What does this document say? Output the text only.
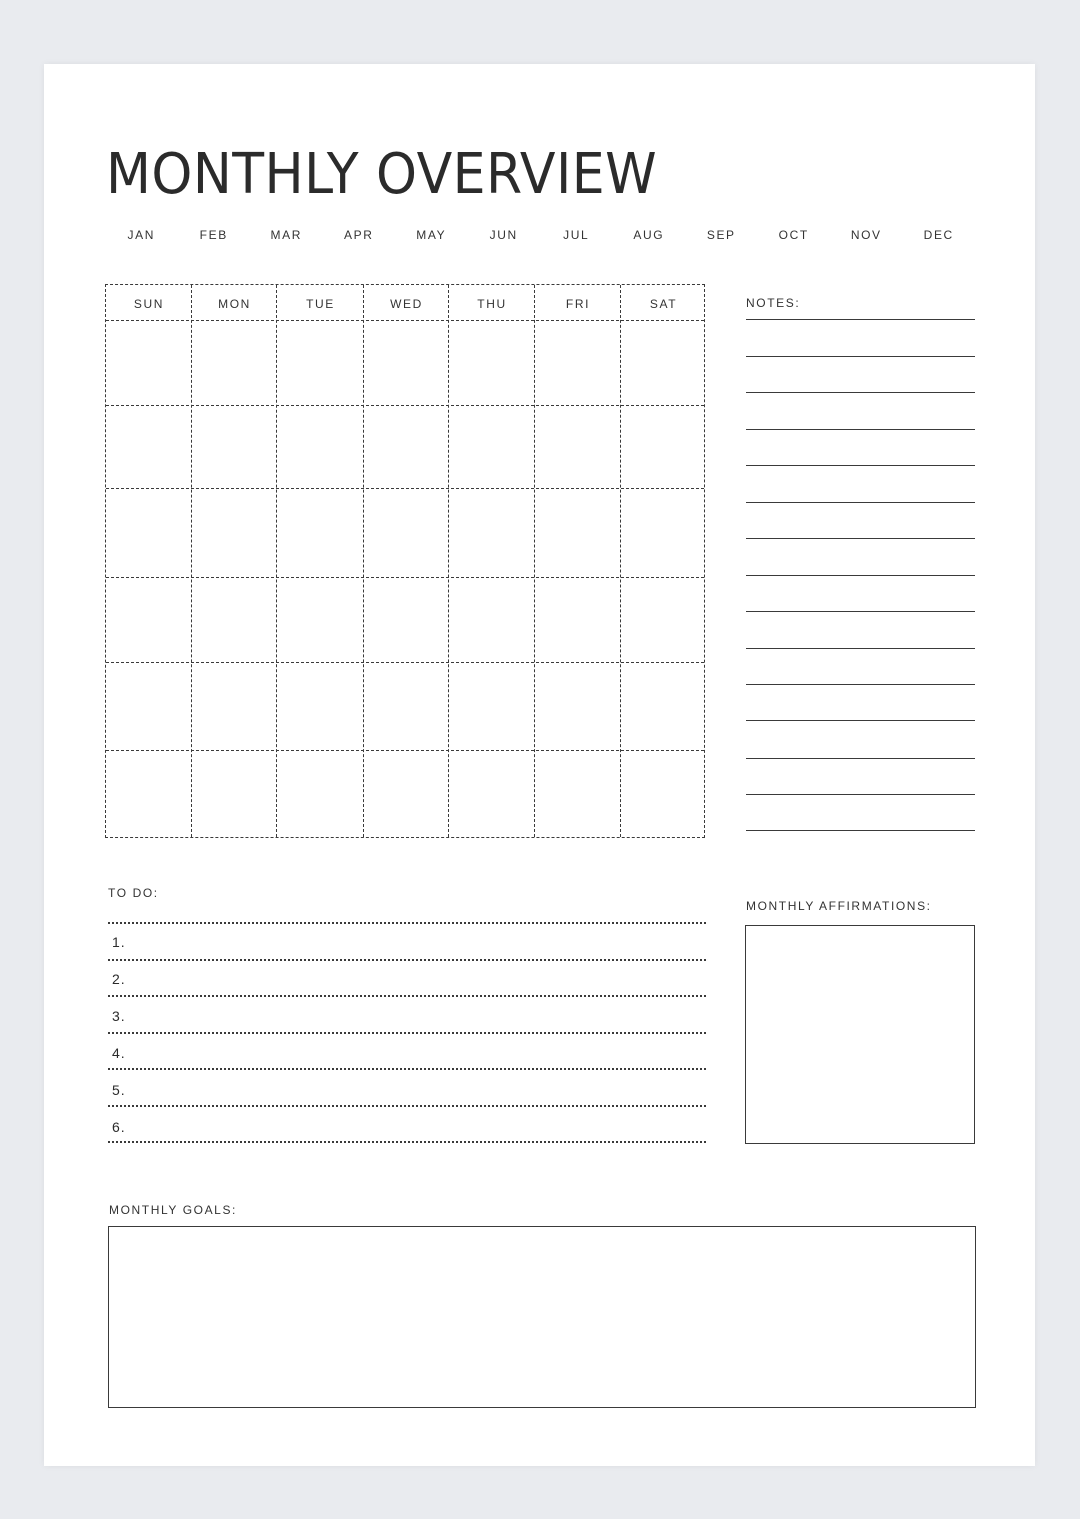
MONTHLY OVERVIEW
JAN	FEB	MAR	APR	MAY	JUN	JUL	AUG	SEP	OCT	NOV	DEC
SUN	MON	TUE	WED	THU	FRI	SAT	NOTES:
TO DO:
1.
2.
3.
4.
5.
6.
MONTHLY AFFIRMATIONS:
MONTHLY GOALS:
